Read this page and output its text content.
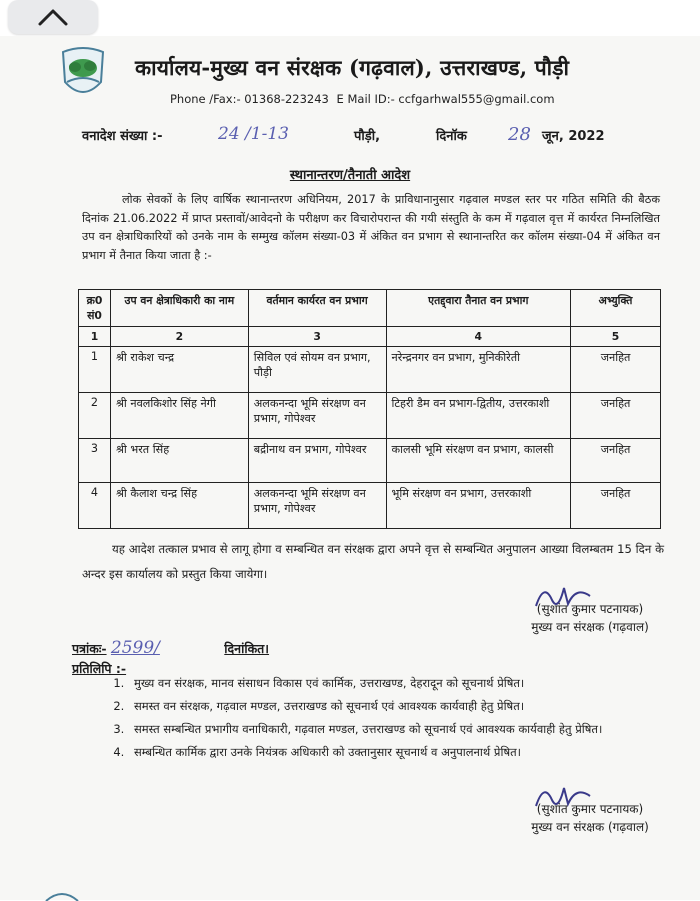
कार्यालय-मुख्य वन संरक्षक (गढ़वाल), उत्तराखण्ड, पौड़ी
Phone /Fax:- 01368-223243 E Mail ID:- ccfgarhwal555@gmail.com
वनादेश संख्या :-	24 /1-13	पौड़ी,	दिनॉक 28 जून, 2022
स्थानान्तरण/तैनाती आदेश
लोक सेवकों के लिए वार्षिक स्थानान्तरण अधिनियम, 2017 के प्राविधानानुसार गढ़वाल मण्डल स्तर पर गठित समिति की बैठक दिनांक 21.06.2022 में प्राप्त प्रस्तावों/आवेदनो के परीक्षण कर विचारोपरान्त की गयी संस्तुति के कम में गढ़वाल वृत्त में कार्यरत निम्नलिखित उप वन क्षेत्राधिकारियों को उनके नाम के सम्मुख कॉलम संख्या-03 में अंकित वन प्रभाग से स्थानान्तरित कर कॉलम संख्या-04 में अंकित वन प्रभाग में तैनात किया जाता है :-
क्र0 सं0	उप वन क्षेत्राधिकारी का नाम	वर्तमान कार्यरत वन प्रभाग	एतद्द्वारा तैनात वन प्रभाग	अभ्युक्ति
1	2	3	4	5
1	श्री राकेश चन्द्र	सिविल एवं सोयम वन प्रभाग, पौड़ी	नरेन्द्रनगर वन प्रभाग, मुनिकीरेती	जनहित
2	श्री नवलकिशोर सिंह नेगी	अलकनन्दा भूमि संरक्षण वन प्रभाग, गोपेश्वर	टिहरी डैम वन प्रभाग-द्वितीय, उत्तरकाशी	जनहित
3	श्री भरत सिंह	बद्रीनाथ वन प्रभाग, गोपेश्वर	कालसी भूमि संरक्षण वन प्रभाग, कालसी	जनहित
4	श्री कैलाश चन्द्र सिंह	अलकनन्दा भूमि संरक्षण वन प्रभाग, गोपेश्वर	भूमि संरक्षण वन प्रभाग, उत्तरकाशी	जनहित
यह आदेश तत्काल प्रभाव से लागू होगा व सम्बन्धित वन संरक्षक द्वारा अपने वृत्त से सम्बन्धित अनुपालन आख्या विलम्बतम 15 दिन के अन्दर इस कार्यालय को प्रस्तुत किया जायेगा।
(सुशांत कुमार पटनायक)
मुख्य वन संरक्षक (गढ़वाल)
पत्रांकः- 2599/	दिनांकित।
प्रतिलिपि :-
1. मुख्य वन संरक्षक, मानव संसाधन विकास एवं कार्मिक, उत्तराखण्ड, देहरादून को सूचनार्थ प्रेषित।
2. समस्त वन संरक्षक, गढ़वाल मण्डल, उत्तराखण्ड को सूचनार्थ एवं आवश्यक कार्यवाही हेतु प्रेषित।
3. समस्त सम्बन्धित प्रभागीय वनाधिकारी, गढ़वाल मण्डल, उत्तराखण्ड को सूचनार्थ एवं आवश्यक कार्यवाही हेतु प्रेषित।
4. सम्बन्धित कार्मिक द्वारा उनके नियंत्रक अधिकारी को उक्तानुसार सूचनार्थ व अनुपालनार्थ प्रेषित।
(सुशांत कुमार पटनायक)
मुख्य वन संरक्षक (गढ़वाल)
